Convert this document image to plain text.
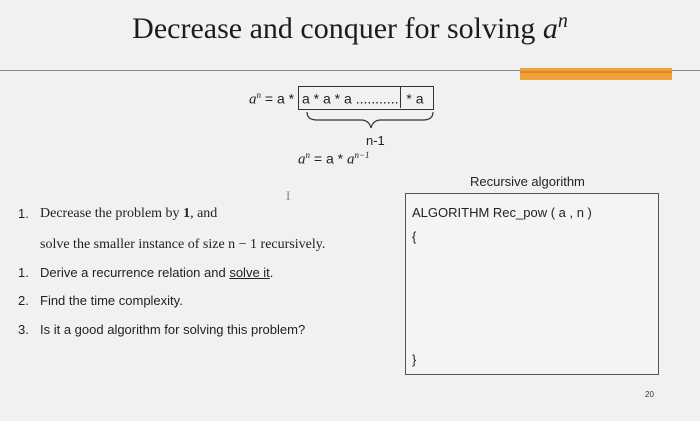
Decrease and conquer for solving $a^n$
$a^n = a * a * a * a$ ........... * a
n-1
$a^n = a * a^{n-1}$
I
1. Decrease the problem by 1, and
solve the smaller instance of size n − 1 recursively.
1. Derive a recurrence relation and solve it.
2. Find the time complexity.
3. Is it a good algorithm for solving this problem?
Recursive algorithm
ALGORITHM Rec_pow ( a , n )
{
}
20
